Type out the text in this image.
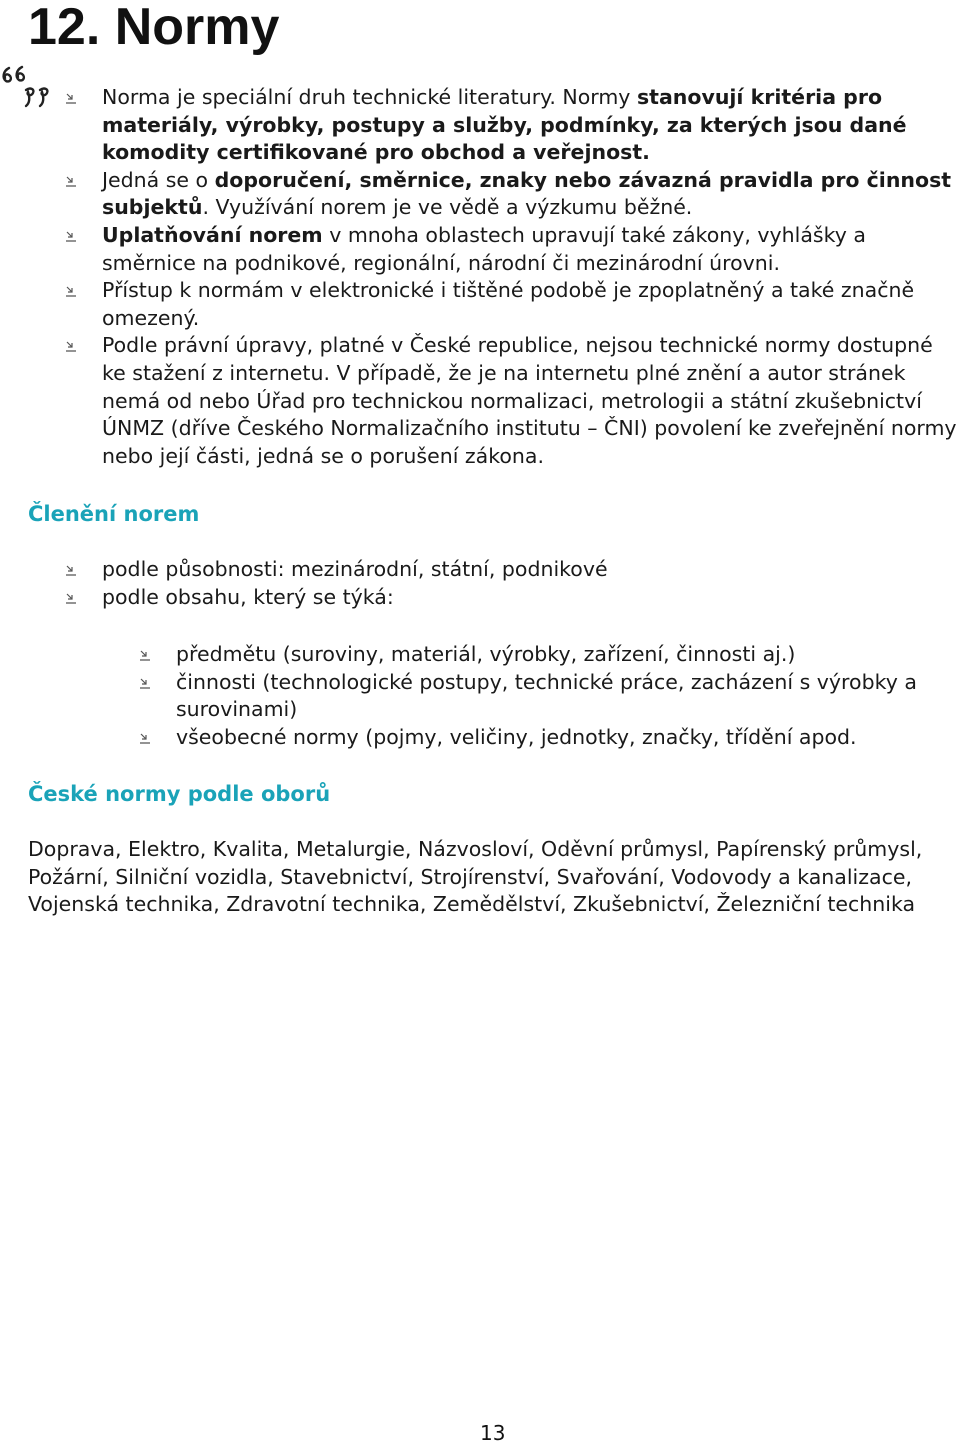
12. Normy
Norma je speciální druh technické literatury. Normy stanovují kritéria pro materiály, výrobky, postupy a služby, podmínky, za kterých jsou dané komodity certifikované pro obchod a veřejnost.
Jedná se o doporučení, směrnice, znaky nebo závazná pravidla pro činnost subjektů. Využívání norem je ve vědě a výzkumu běžné.
Uplatňování norem v mnoha oblastech upravují také zákony, vyhlášky a směrnice na podnikové, regionální, národní či mezinárodní úrovni.
Přístup k normám v elektronické i tištěné podobě je zpoplatněný a také značně omezený.
Podle právní úpravy, platné v České republice, nejsou technické normy dostupné ke stažení z internetu. V případě, že je na internetu plné znění a autor stránek nemá od nebo Úřad pro technickou normalizaci, metrologii a státní zkušebnictví ÚNMZ (dříve Českého Normalizačního institutu – ČNI) povolení ke zveřejnění normy nebo její části, jedná se o porušení zákona.
Členění norem
podle působnosti: mezinárodní, státní, podnikové
podle obsahu, který se týká:
předmětu (suroviny, materiál, výrobky, zařízení, činnosti aj.)
činnosti (technologické postupy, technické práce, zacházení s výrobky a surovinami)
všeobecné normy (pojmy, veličiny, jednotky, značky, třídění apod.
České normy podle oborů

Doprava, Elektro, Kvalita, Metalurgie, Názvosloví, Oděvní průmysl, Papírenský průmysl, Požární, Silniční vozidla, Stavebnictví, Strojírenství, Svařování, Vodovody a kanalizace, Vojenská technika, Zdravotní technika, Zemědělství, Zkušebnictví, Železniční technika

13
